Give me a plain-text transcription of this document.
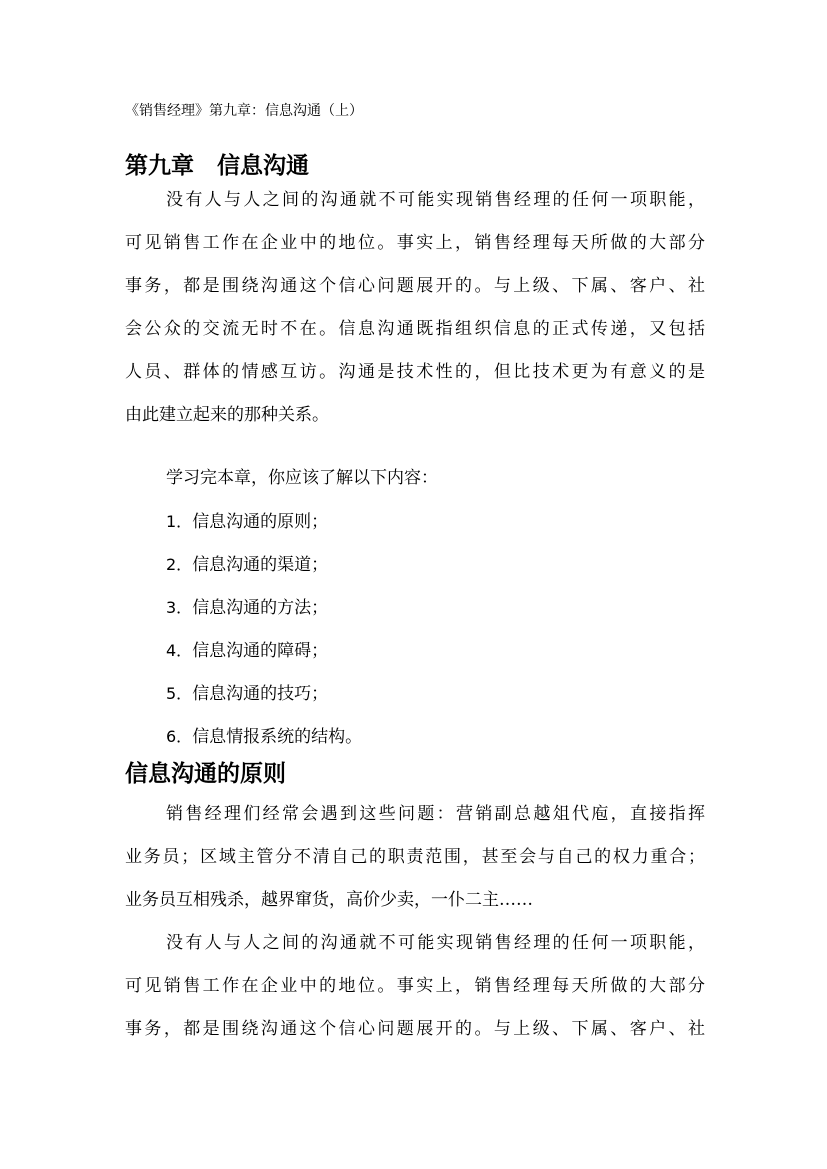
《销售经理》第九章：信息沟通（上）
第九章　信息沟通
没有人与人之间的沟通就不可能实现销售经理的任何一项职能，
可见销售工作在企业中的地位。事实上，销售经理每天所做的大部分
事务，都是围绕沟通这个信心问题展开的。与上级、下属、客户、社
会公众的交流无时不在。信息沟通既指组织信息的正式传递，又包括
人员、群体的情感互访。沟通是技术性的，但比技术更为有意义的是
由此建立起来的那种关系。
学习完本章，你应该了解以下内容：
1．信息沟通的原则；
2．信息沟通的渠道；
3．信息沟通的方法；
4．信息沟通的障碍；
5．信息沟通的技巧；
6．信息情报系统的结构。
信息沟通的原则
销售经理们经常会遇到这些问题：营销副总越俎代庖，直接指挥
业务员；区域主管分不清自己的职责范围，甚至会与自己的权力重合；
业务员互相残杀，越界窜货，高价少卖，一仆二主……
没有人与人之间的沟通就不可能实现销售经理的任何一项职能，
可见销售工作在企业中的地位。事实上，销售经理每天所做的大部分
事务，都是围绕沟通这个信心问题展开的。与上级、下属、客户、社
